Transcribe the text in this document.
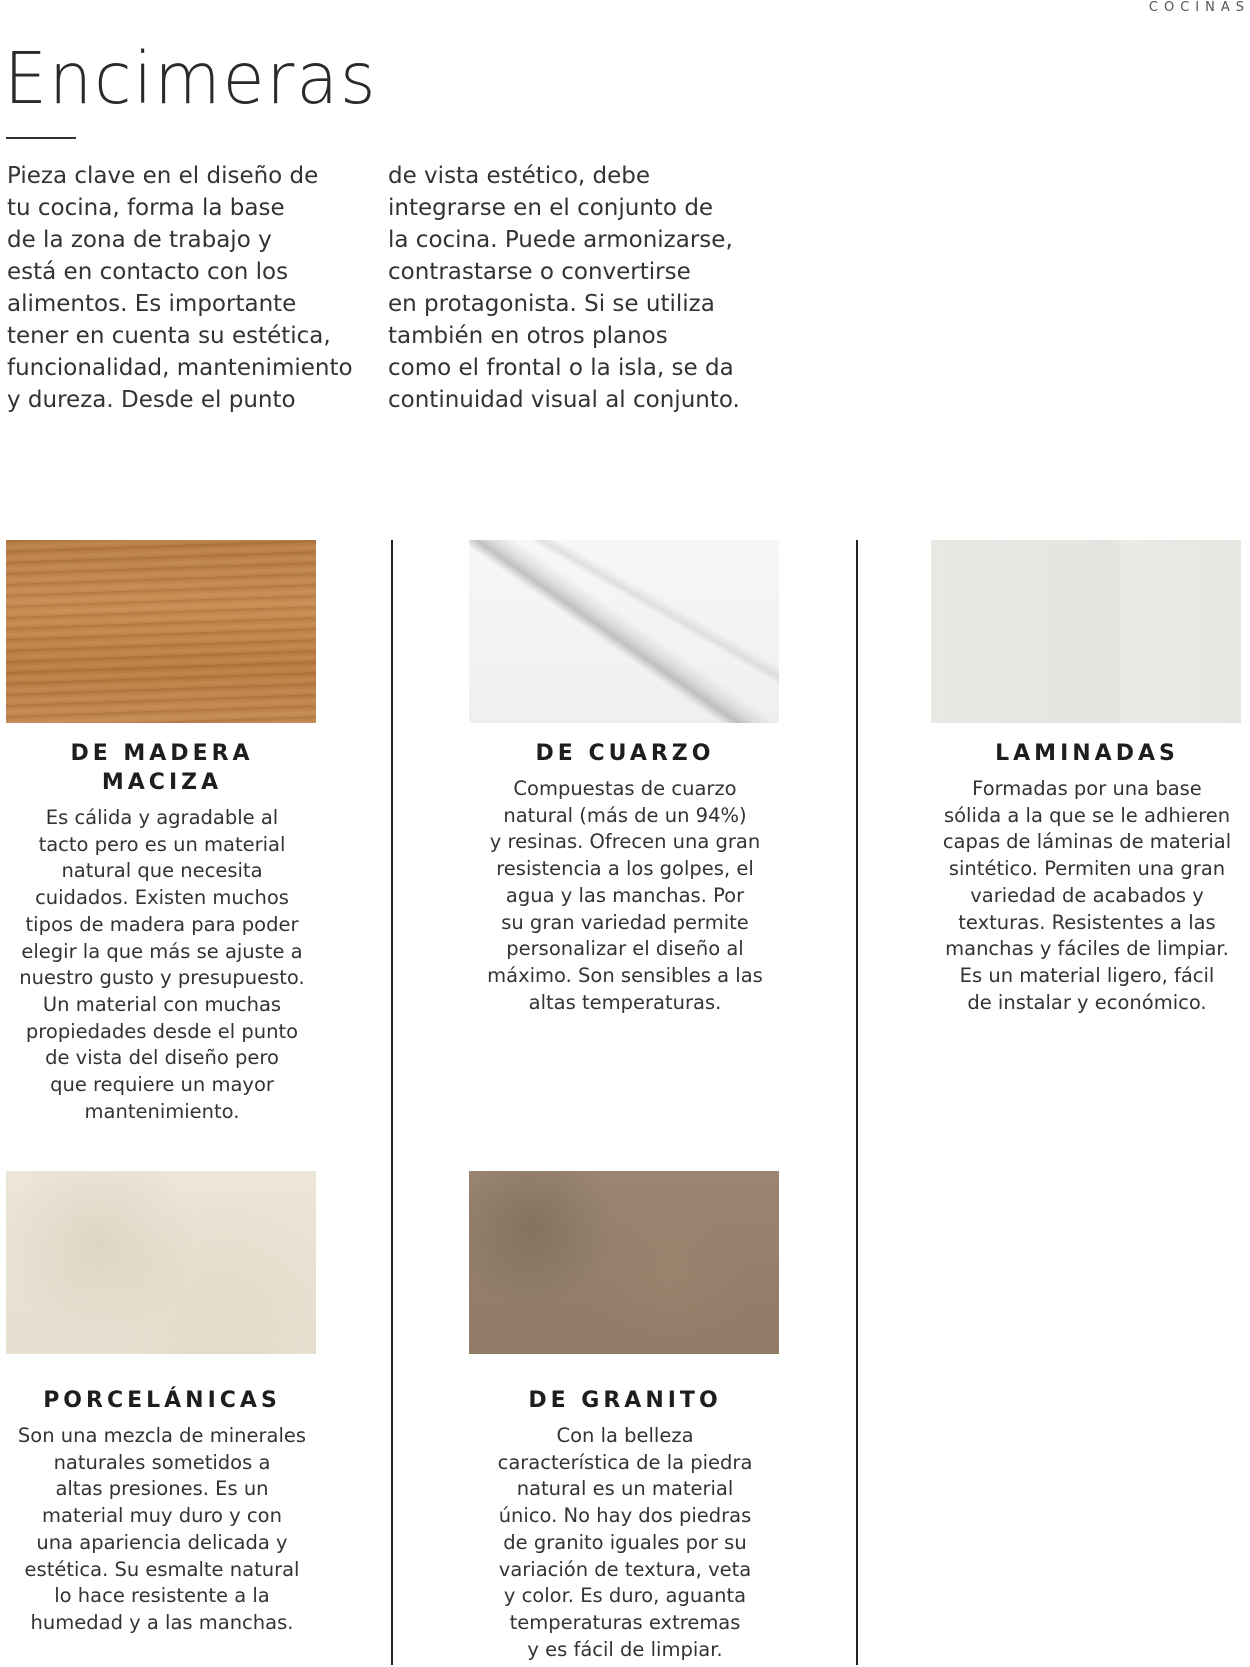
COCINAS
Encimeras

Pieza clave en el diseño de
tu cocina, forma la base
de la zona de trabajo y
está en contacto con los
alimentos. Es importante
tener en cuenta su estética,
funcionalidad, mantenimiento
y dureza. Desde el punto

de vista estético, debe
integrarse en el conjunto de
la cocina. Puede armonizarse,
contrastarse o convertirse
en protagonista. Si se utiliza
también en otros planos
como el frontal o la isla, se da
continuidad visual al conjunto.

DE MADERA
MACIZA

Es cálida y agradable al
tacto pero es un material
natural que necesita
cuidados. Existen muchos
tipos de madera para poder
elegir la que más se ajuste a
nuestro gusto y presupuesto.
Un material con muchas
propiedades desde el punto
de vista del diseño pero
que requiere un mayor
mantenimiento.

DE CUARZO

Compuestas de cuarzo
natural (más de un 94%)
y resinas. Ofrecen una gran
resistencia a los golpes, el
agua y las manchas. Por
su gran variedad permite
personalizar el diseño al
máximo. Son sensibles a las
altas temperaturas.

LAMINADAS

Formadas por una base
sólida a la que se le adhieren
capas de láminas de material
sintético. Permiten una gran
variedad de acabados y
texturas. Resistentes a las
manchas y fáciles de limpiar.
Es un material ligero, fácil
de instalar y económico.

PORCELÁNICAS

Son una mezcla de minerales
naturales sometidos a
altas presiones. Es un
material muy duro y con
una apariencia delicada y
estética. Su esmalte natural
lo hace resistente a la
humedad y a las manchas.

DE GRANITO

Con la belleza
característica de la piedra
natural es un material
único. No hay dos piedras
de granito iguales por su
variación de textura, veta
y color. Es duro, aguanta
temperaturas extremas
y es fácil de limpiar.
